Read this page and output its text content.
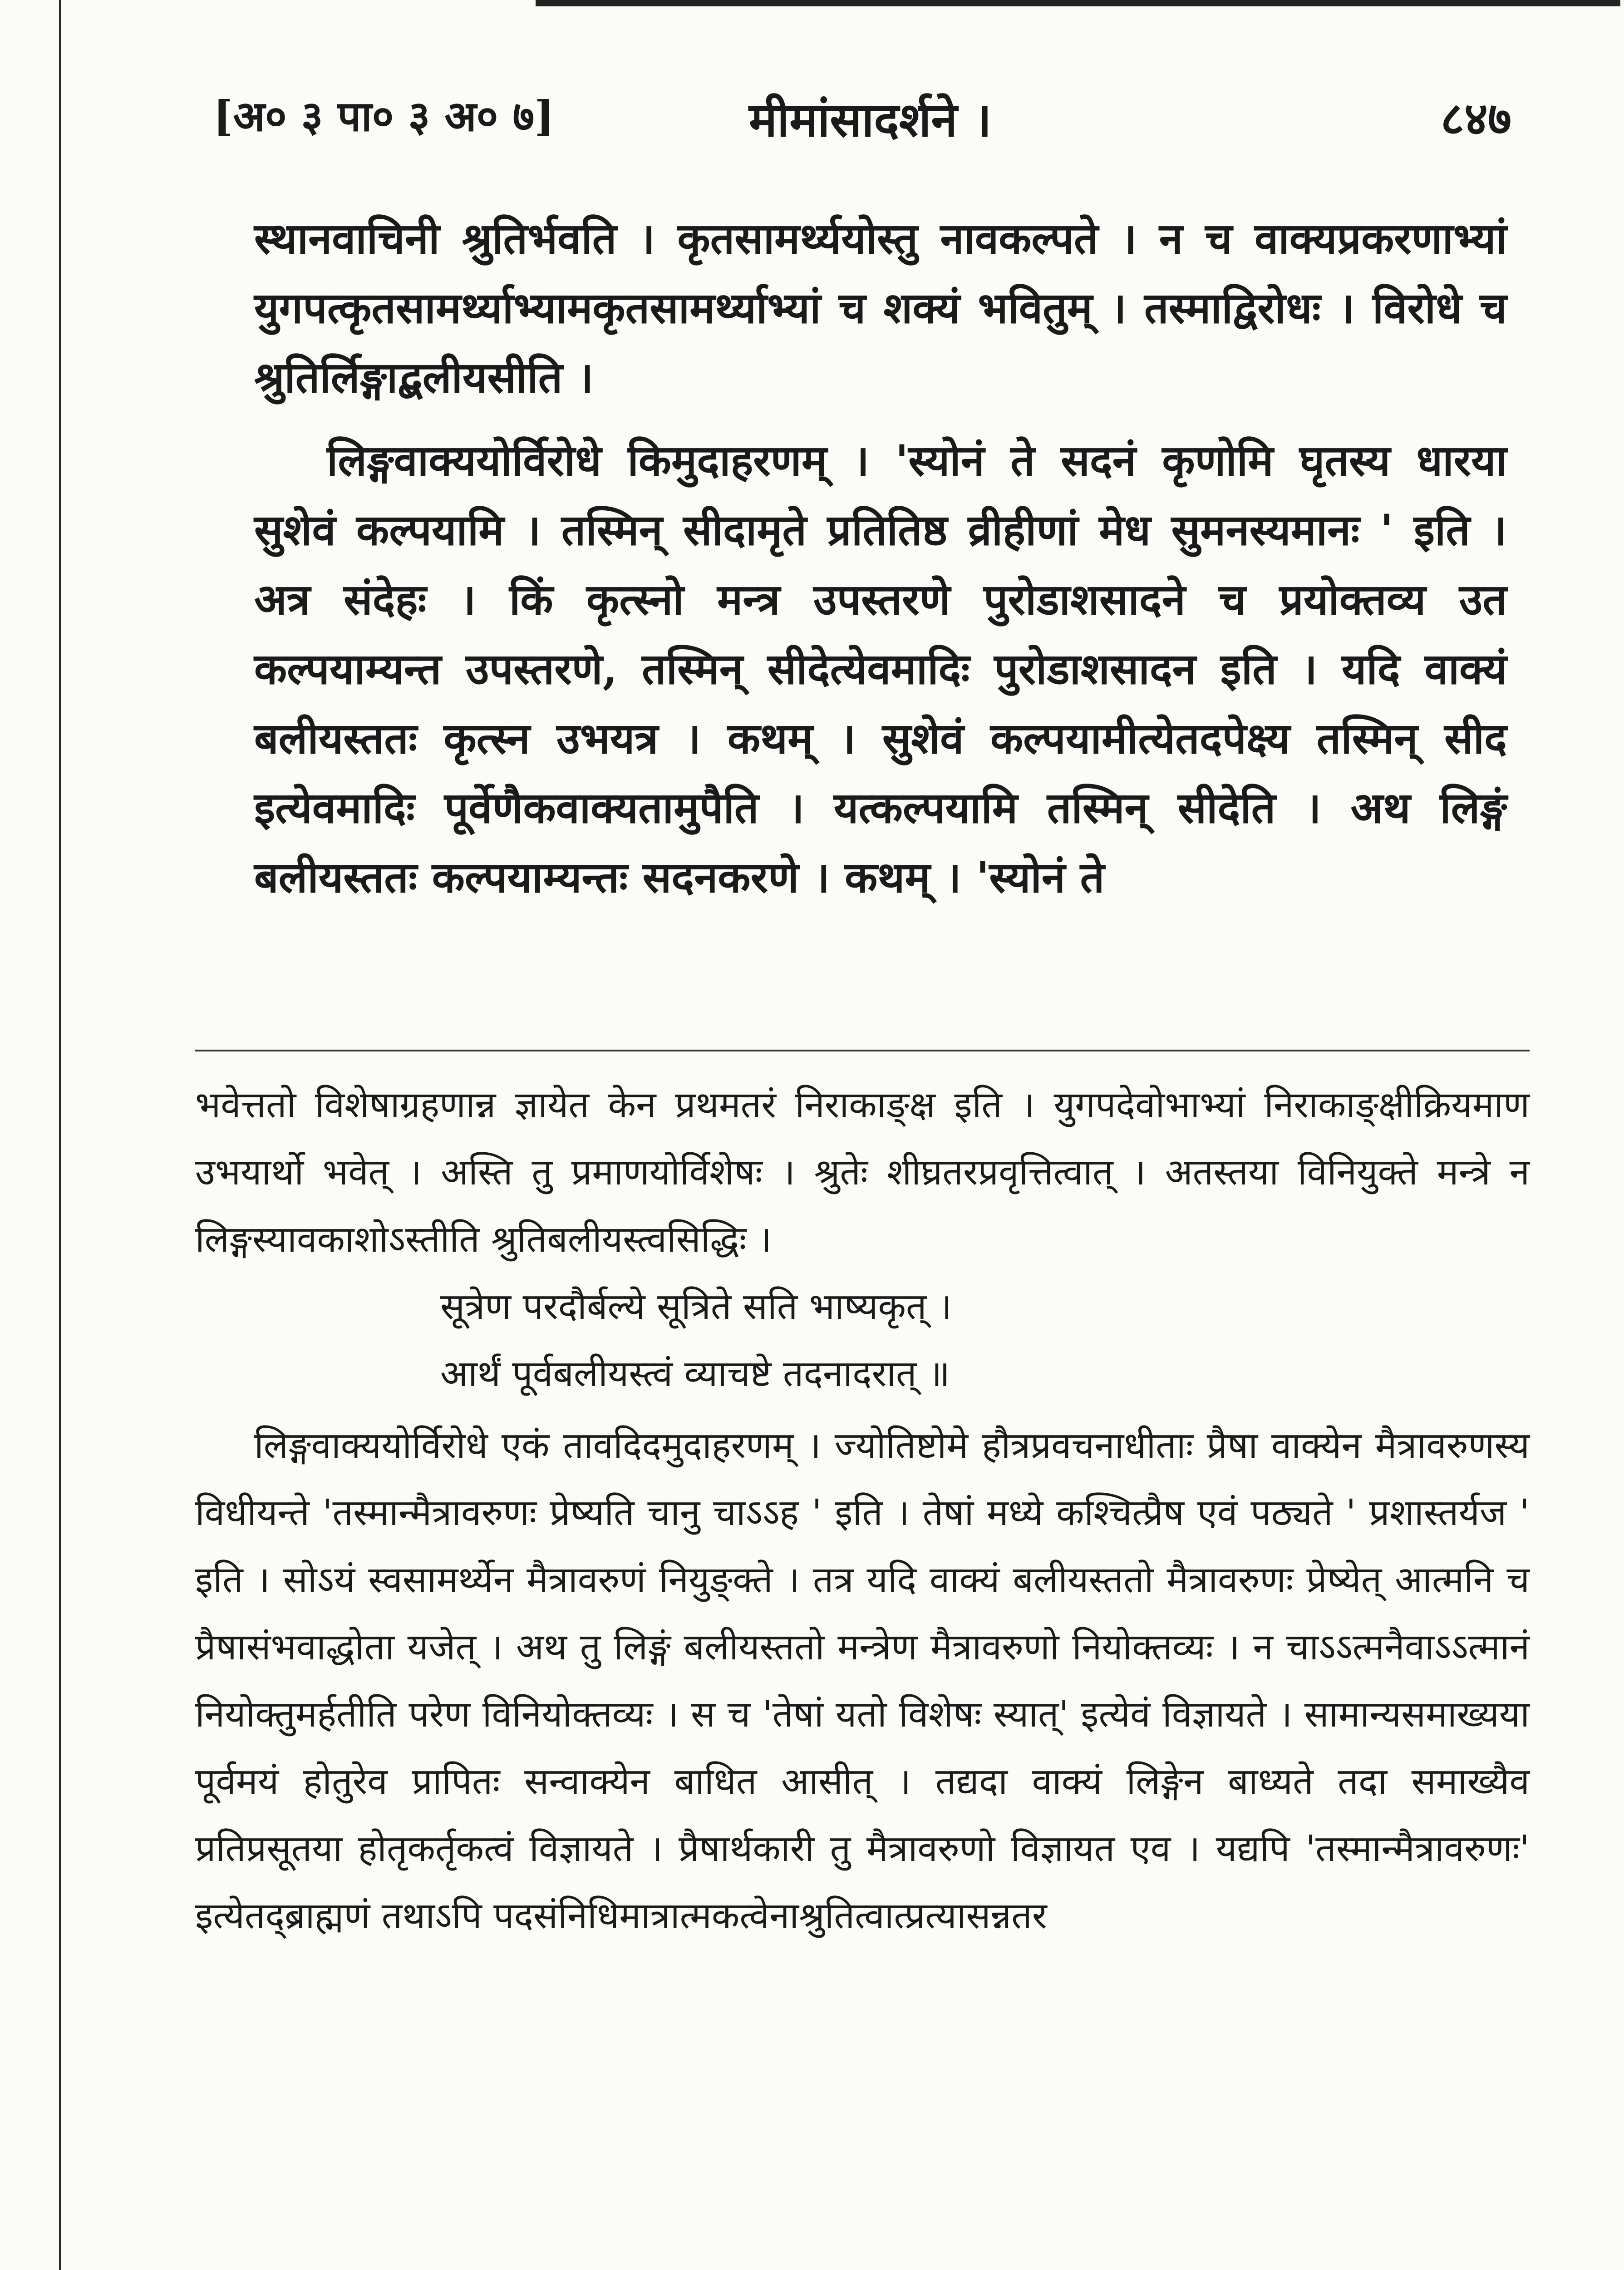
[अ० ३ पा० ३ अ० ७]	मीमांसादर्शने ।	८४७

स्थानवाचिनी श्रुतिर्भवति । कृतसामर्थ्ययोस्तु नावकल्पते । न च वाक्यप्रकरणाभ्यां युगपत्कृतसामर्थ्याभ्यामकृतसामर्थ्याभ्यां च शक्यं भवितुम् । तस्माद्विरोधः । विरोधे च श्रुतिर्लिङ्गाद्बलीयसीति ।

लिङ्गवाक्ययोर्विरोधे किमुदाहरणम् । 'स्योनं ते सदनं कृणोमि घृतस्य धारया सुशेवं कल्पयामि । तस्मिन् सीदामृते प्रतितिष्ठ व्रीहीणां मेध सुमनस्यमानः ' इति । अत्र संदेहः । किं कृत्स्नो मन्त्र उपस्तरणे पुरोडाशसादने च प्रयोक्तव्य उत कल्पयाम्यन्त उपस्तरणे, तस्मिन् सीदेत्येवमादिः पुरोडाशसादन इति । यदि वाक्यं बलीयस्ततः कृत्स्न उभयत्र । कथम् । सुशेवं कल्पयामीत्येतदपेक्ष्य तस्मिन् सीद इत्येवमादिः पूर्वेणैकवाक्यतामुपैति । यत्कल्पयामि तस्मिन् सीदेति । अथ लिङ्गं बलीयस्ततः कल्पयाम्यन्तः सदनकरणे । कथम् । 'स्योनं ते

भवेत्ततो विशेषाग्रहणान्न ज्ञायेत केन प्रथमतरं निराकाङ्क्ष इति । युगपदेवोभाभ्यां निराकाङ्क्षीक्रियमाण उभयार्थो भवेत् । अस्ति तु प्रमाणयोर्विशेषः । श्रुतेः शीघ्रतरप्रवृत्तित्वात् । अतस्तया विनियुक्ते मन्त्रे न लिङ्गस्यावकाशोऽस्तीति श्रुतिबलीयस्त्वसिद्धिः ।

सूत्रेण परदौर्बल्ये सूत्रिते सति भाष्यकृत् ।

आर्थं पूर्वबलीयस्त्वं व्याचष्टे तदनादरात् ॥

लिङ्गवाक्ययोर्विरोधे एकं तावदिदमुदाहरणम् । ज्योतिष्टोमे हौत्रप्रवचनाधीताः प्रैषा वाक्येन मैत्रावरुणस्य विधीयन्ते 'तस्मान्मैत्रावरुणः प्रेष्यति चानु चाऽऽह ' इति । तेषां मध्ये कश्चित्प्रैष एवं पठ्यते ' प्रशास्तर्यज ' इति । सोऽयं स्वसामर्थ्येन मैत्रावरुणं नियुङ्क्ते । तत्र यदि वाक्यं बलीयस्ततो मैत्रावरुणः प्रेष्येत् आत्मनि च प्रैषासंभवाद्धोता यजेत् । अथ तु लिङ्गं बलीयस्ततो मन्त्रेण मैत्रावरुणो नियोक्तव्यः । न चाऽऽत्मनैवाऽऽत्मानं नियोक्तुमर्हतीति परेण विनियोक्तव्यः । स च 'तेषां यतो विशेषः स्यात्' इत्येवं विज्ञायते । सामान्यसमाख्यया पूर्वमयं होतुरेव प्रापितः सन्वाक्येन बाधित आसीत् । तद्यदा वाक्यं लिङ्गेन बाध्यते तदा समाख्यैव प्रतिप्रसूतया होतृकर्तृकत्वं विज्ञायते । प्रैषार्थकारी तु मैत्रावरुणो विज्ञायत एव । यद्यपि 'तस्मान्मैत्रावरुणः' इत्येतद्ब्राह्मणं तथाऽपि पदसंनिधिमात्रात्मकत्वेनाश्रुतित्वात्प्रत्यासन्नतर
